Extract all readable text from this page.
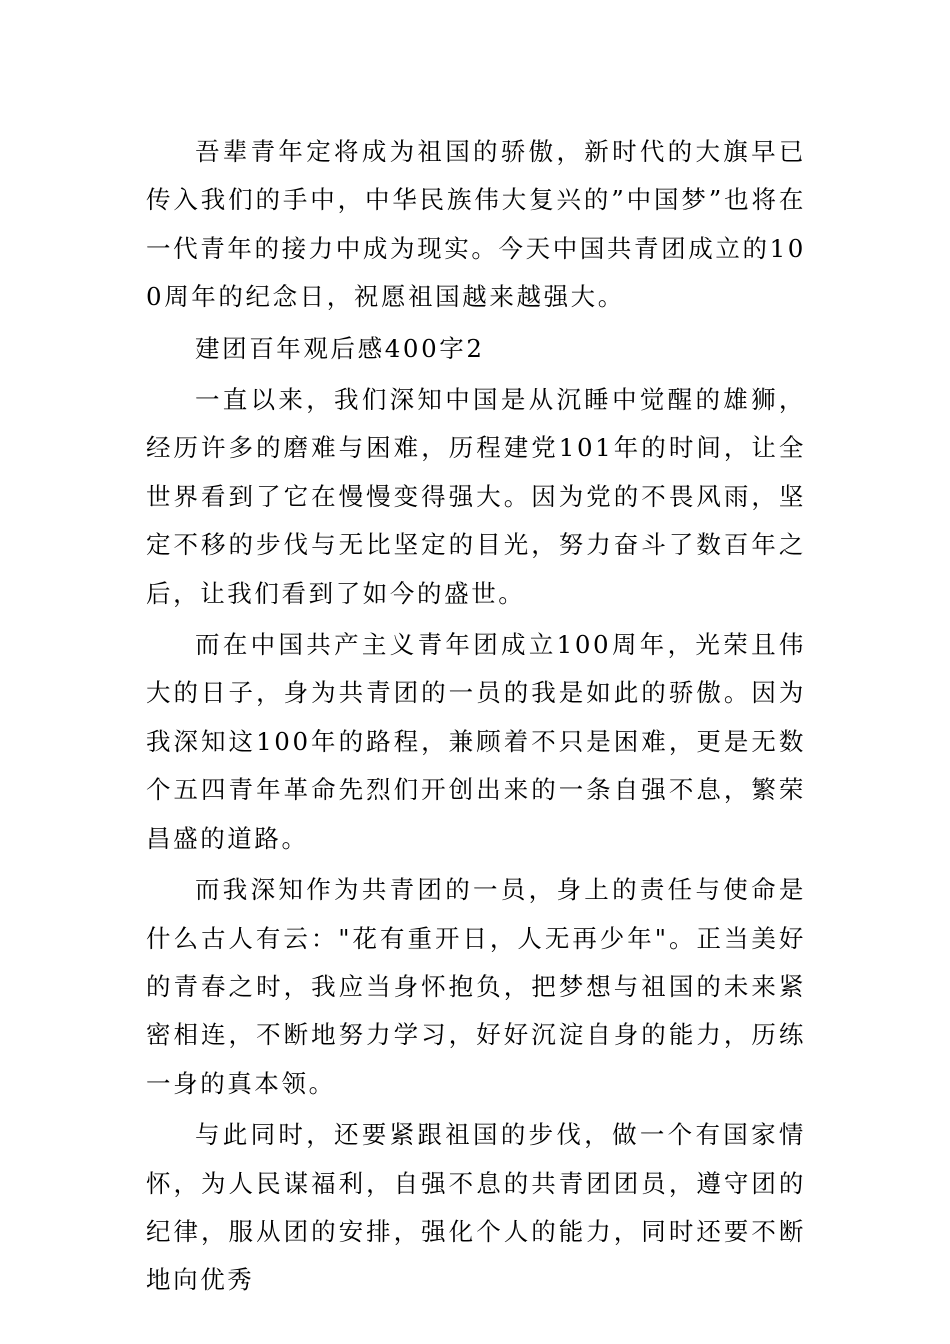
吾辈青年定将成为祖国的骄傲，新时代的大旗早已传入我们的手中，中华民族伟大复兴的”中国梦”也将在一代青年的接力中成为现实。今天中国共青团成立的100周年的纪念日，祝愿祖国越来越强大。

建团百年观后感400字2

一直以来，我们深知中国是从沉睡中觉醒的雄狮，经历许多的磨难与困难，历程建党101年的时间，让全世界看到了它在慢慢变得强大。因为党的不畏风雨，坚定不移的步伐与无比坚定的目光，努力奋斗了数百年之后，让我们看到了如今的盛世。

而在中国共产主义青年团成立100周年，光荣且伟大的日子，身为共青团的一员的我是如此的骄傲。因为我深知这100年的路程，兼顾着不只是困难，更是无数个五四青年革命先烈们开创出来的一条自强不息，繁荣昌盛的道路。

而我深知作为共青团的一员，身上的责任与使命是什么古人有云："花有重开日，人无再少年"。正当美好的青春之时，我应当身怀抱负，把梦想与祖国的未来紧密相连，不断地努力学习，好好沉淀自身的能力，历练一身的真本领。

与此同时，还要紧跟祖国的步伐，做一个有国家情怀，为人民谋福利，自强不息的共青团团员，遵守团的纪律，服从团的安排，强化个人的能力，同时还要不断地向优秀
